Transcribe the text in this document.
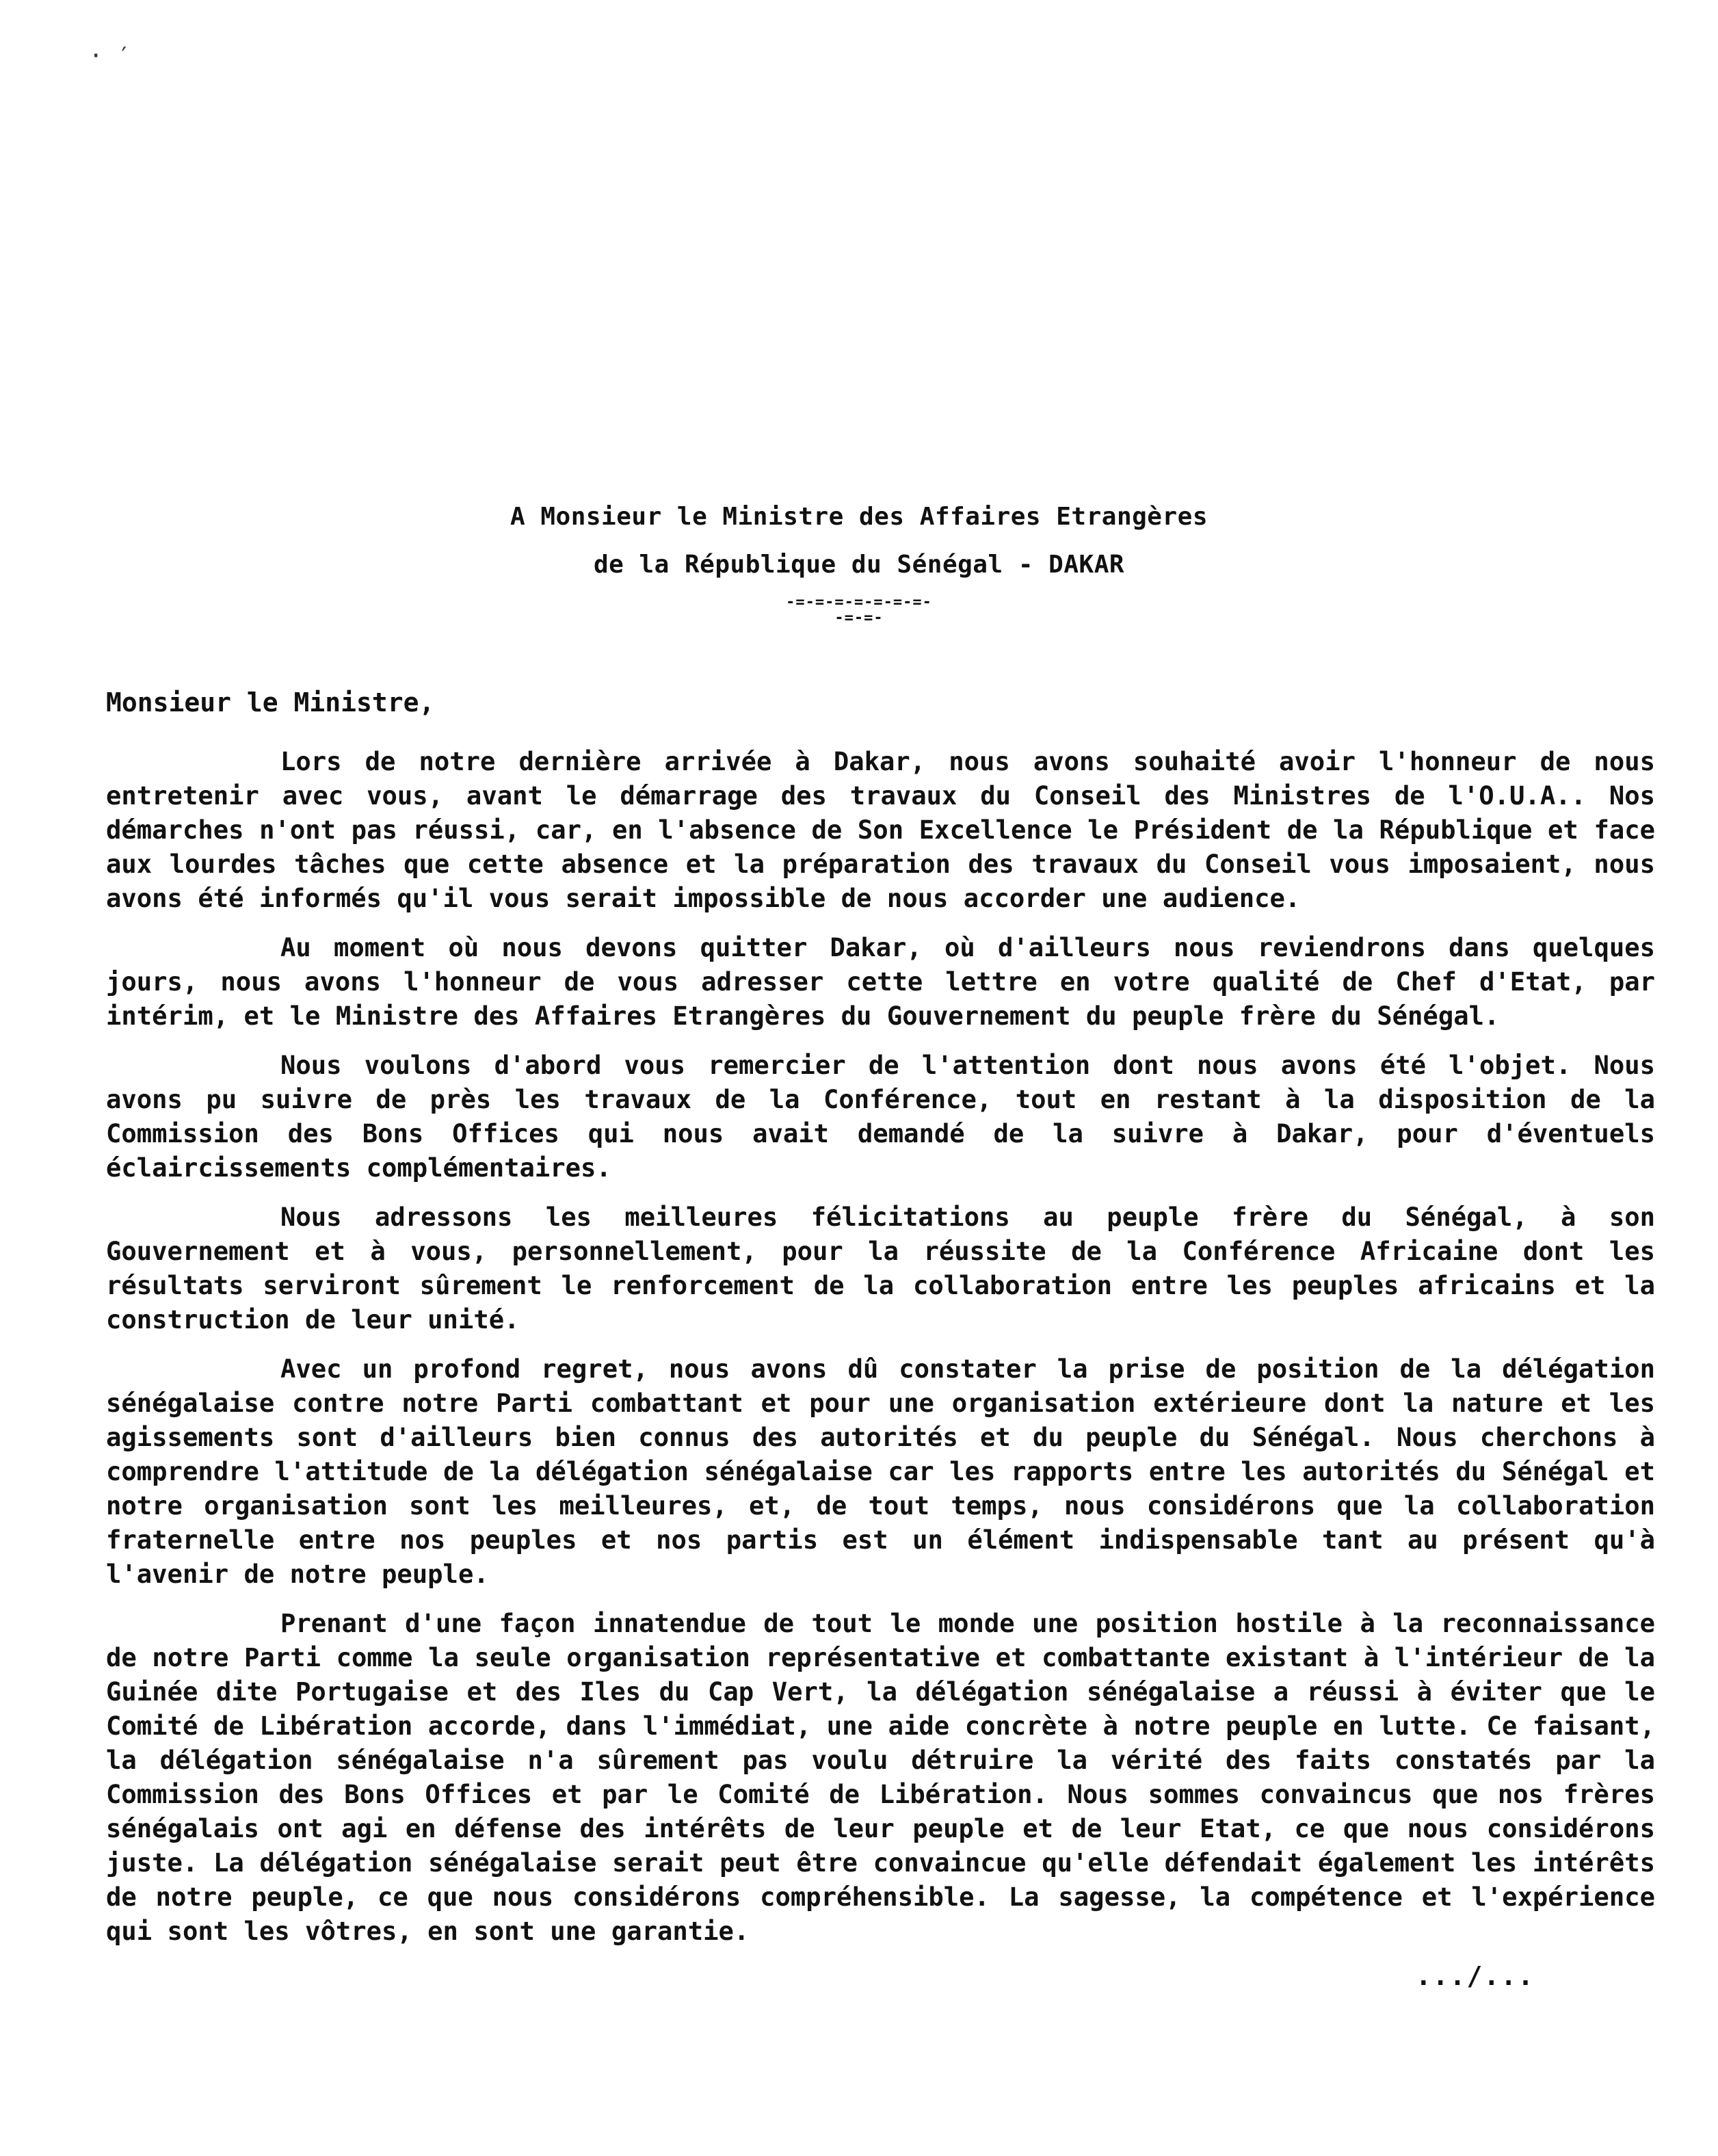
· ′
A Monsieur le Ministre des Affaires Etrangères
de la République du Sénégal - DAKAR
-=-=-=-=-=-=-=-
-=-=-
Monsieur le Ministre,

Lors de notre dernière arrivée à Dakar, nous avons souhaité avoir l'honneur de nous entretenir avec vous, avant le démarrage des travaux du Conseil des Ministres de l'O.U.A.. Nos démarches n'ont pas réussi, car, en l'absence de Son Excellence le Président de la République et face aux lourdes tâches que cette absence et la préparation des travaux du Conseil vous imposaient, nous avons été informés qu'il vous serait impossible de nous accorder une audience.

Au moment où nous devons quitter Dakar, où d'ailleurs nous reviendrons dans quelques jours, nous avons l'honneur de vous adresser cette lettre en votre qualité de Chef d'Etat, par intérim, et le Ministre des Affaires Etrangères du Gouvernement du peuple frère du Sénégal.

Nous voulons d'abord vous remercier de l'attention dont nous avons été l'objet. Nous avons pu suivre de près les travaux de la Conférence, tout en restant à la disposition de la Commission des Bons Offices qui nous avait demandé de la suivre à Dakar, pour d'éventuels éclaircissements complémentaires.

Nous adressons les meilleures félicitations au peuple frère du Sénégal, à son Gouvernement et à vous, personnellement, pour la réussite de la Conférence Africaine dont les résultats serviront sûrement le renforcement de la collaboration entre les peuples africains et la construction de leur unité.

Avec un profond regret, nous avons dû constater la prise de position de la délégation sénégalaise contre notre Parti combattant et pour une organisation extérieure dont la nature et les agissements sont d'ailleurs bien connus des autorités et du peuple du Sénégal. Nous cherchons à comprendre l'attitude de la délégation sénégalaise car les rapports entre les autorités du Sénégal et notre organisation sont les meilleures, et, de tout temps, nous considérons que la collaboration fraternelle entre nos peuples et nos partis est un élément indispensable tant au présent qu'à l'avenir de notre peuple.

Prenant d'une façon innatendue de tout le monde une position hostile à la reconnaissance de notre Parti comme la seule organisation représentative et combattante existant à l'intérieur de la Guinée dite Portugaise et des Iles du Cap Vert, la délégation sénégalaise a réussi à éviter que le Comité de Libération accorde, dans l'immédiat, une aide concrète à notre peuple en lutte. Ce faisant, la délégation sénégalaise n'a sûrement pas voulu détruire la vérité des faits constatés par la Commission des Bons Offices et par le Comité de Libération. Nous sommes convaincus que nos frères sénégalais ont agi en défense des intérêts de leur peuple et de leur Etat, ce que nous considérons juste. La délégation sénégalaise serait peut être convaincue qu'elle défendait également les intérêts de notre peuple, ce que nous considérons compréhensible. La sagesse, la compétence et l'expérience qui sont les vôtres, en sont une garantie.

.../...
